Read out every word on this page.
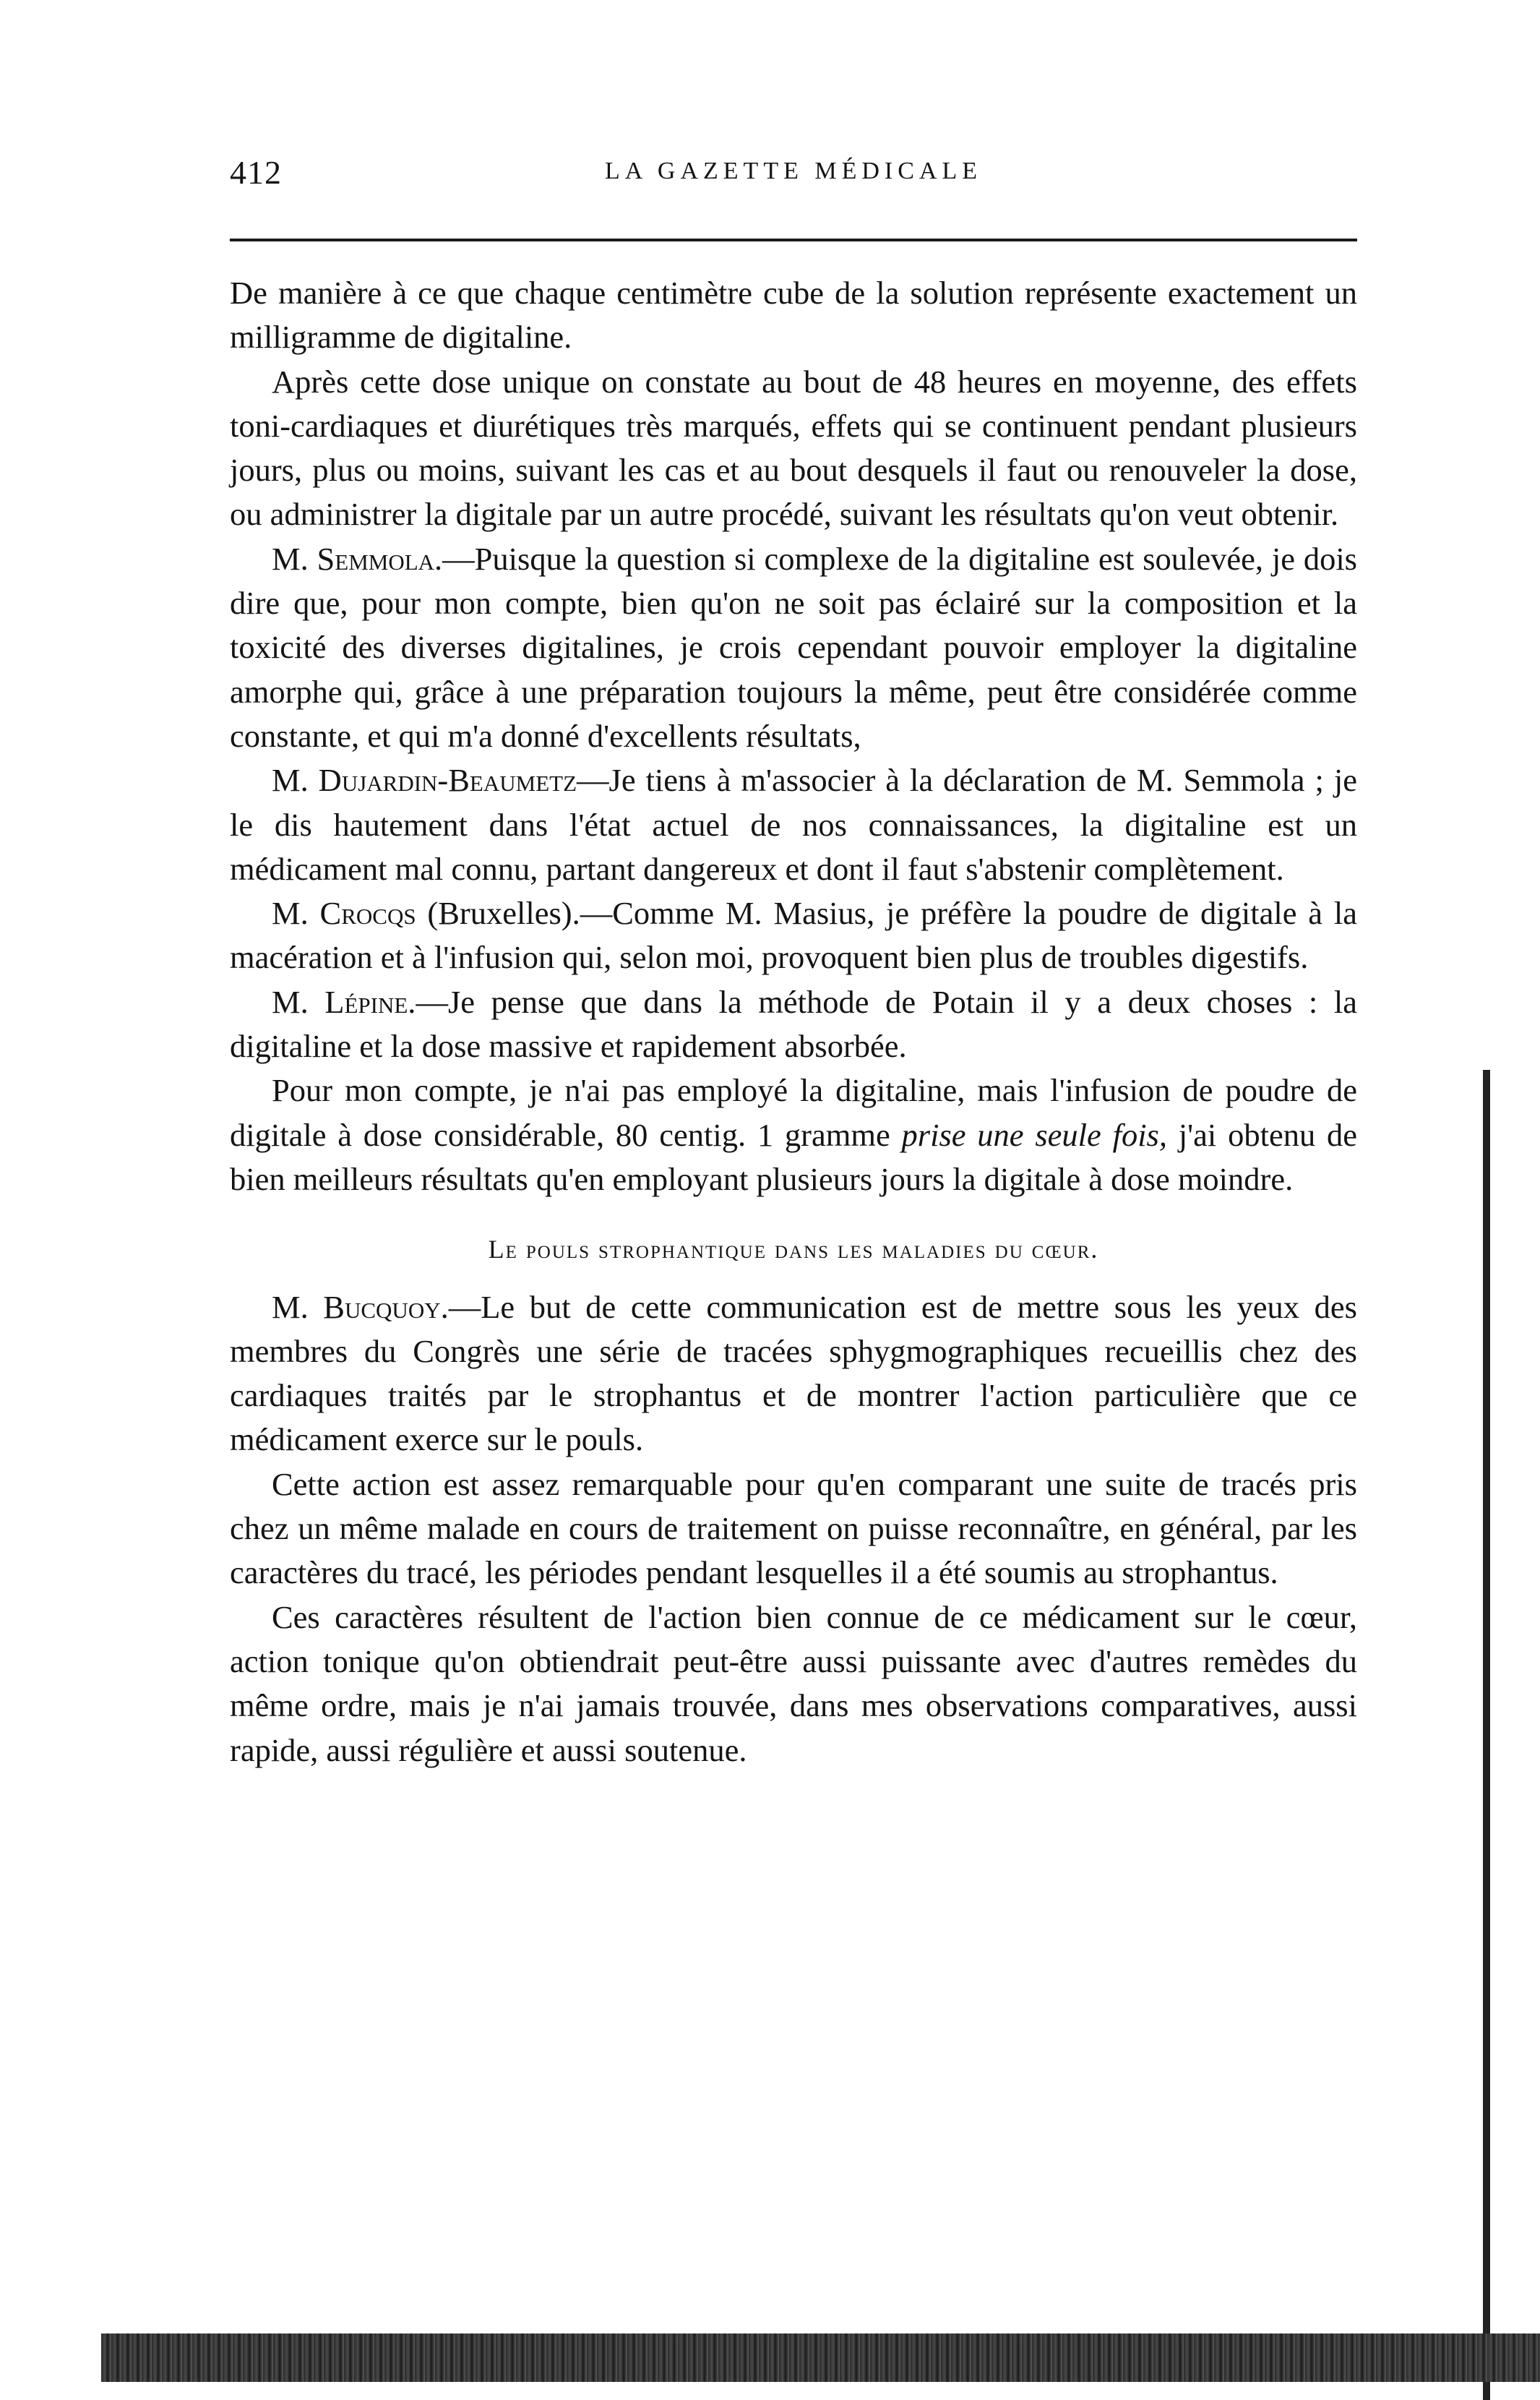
412	LA GAZETTE MÉDICALE

De manière à ce que chaque centimètre cube de la solution représente exactement un milligramme de digitaline.

Après cette dose unique on constate au bout de 48 heures en moyenne, des effets toni-cardiaques et diurétiques très marqués, effets qui se continuent pendant plusieurs jours, plus ou moins, suivant les cas et au bout desquels il faut ou renouveler la dose, ou administrer la digitale par un autre procédé, suivant les résultats qu'on veut obtenir.

M. Semmola.—Puisque la question si complexe de la digitaline est soulevée, je dois dire que, pour mon compte, bien qu'on ne soit pas éclairé sur la composition et la toxicité des diverses digitalines, je crois cependant pouvoir employer la digitaline amorphe qui, grâce à une préparation toujours la même, peut être considérée comme constante, et qui m'a donné d'excellents résultats,

M. Dujardin-Beaumetz—Je tiens à m'associer à la déclaration de M. Semmola ; je le dis hautement dans l'état actuel de nos connaissances, la digitaline est un médicament mal connu, partant dangereux et dont il faut s'abstenir complètement.

M. Crocqs (Bruxelles).—Comme M. Masius, je préfère la poudre de digitale à la macération et à l'infusion qui, selon moi, provoquent bien plus de troubles digestifs.

M. Lépine.—Je pense que dans la méthode de Potain il y a deux choses : la digitaline et la dose massive et rapidement absorbée.

Pour mon compte, je n'ai pas employé la digitaline, mais l'infusion de poudre de digitale à dose considérable, 80 centig. 1 gramme prise une seule fois, j'ai obtenu de bien meilleurs résultats qu'en employant plusieurs jours la digitale à dose moindre.

Le pouls strophantique dans les maladies du cœur.

M. Bucquoy.—Le but de cette communication est de mettre sous les yeux des membres du Congrès une série de tracées sphygmographiques recueillis chez des cardiaques traités par le strophantus et de montrer l'action particulière que ce médicament exerce sur le pouls.

Cette action est assez remarquable pour qu'en comparant une suite de tracés pris chez un même malade en cours de traitement on puisse reconnaître, en général, par les caractères du tracé, les périodes pendant lesquelles il a été soumis au strophantus.

Ces caractères résultent de l'action bien connue de ce médicament sur le cœur, action tonique qu'on obtiendrait peut-être aussi puissante avec d'autres remèdes du même ordre, mais je n'ai jamais trouvée, dans mes observations comparatives, aussi rapide, aussi régulière et aussi soutenue.
